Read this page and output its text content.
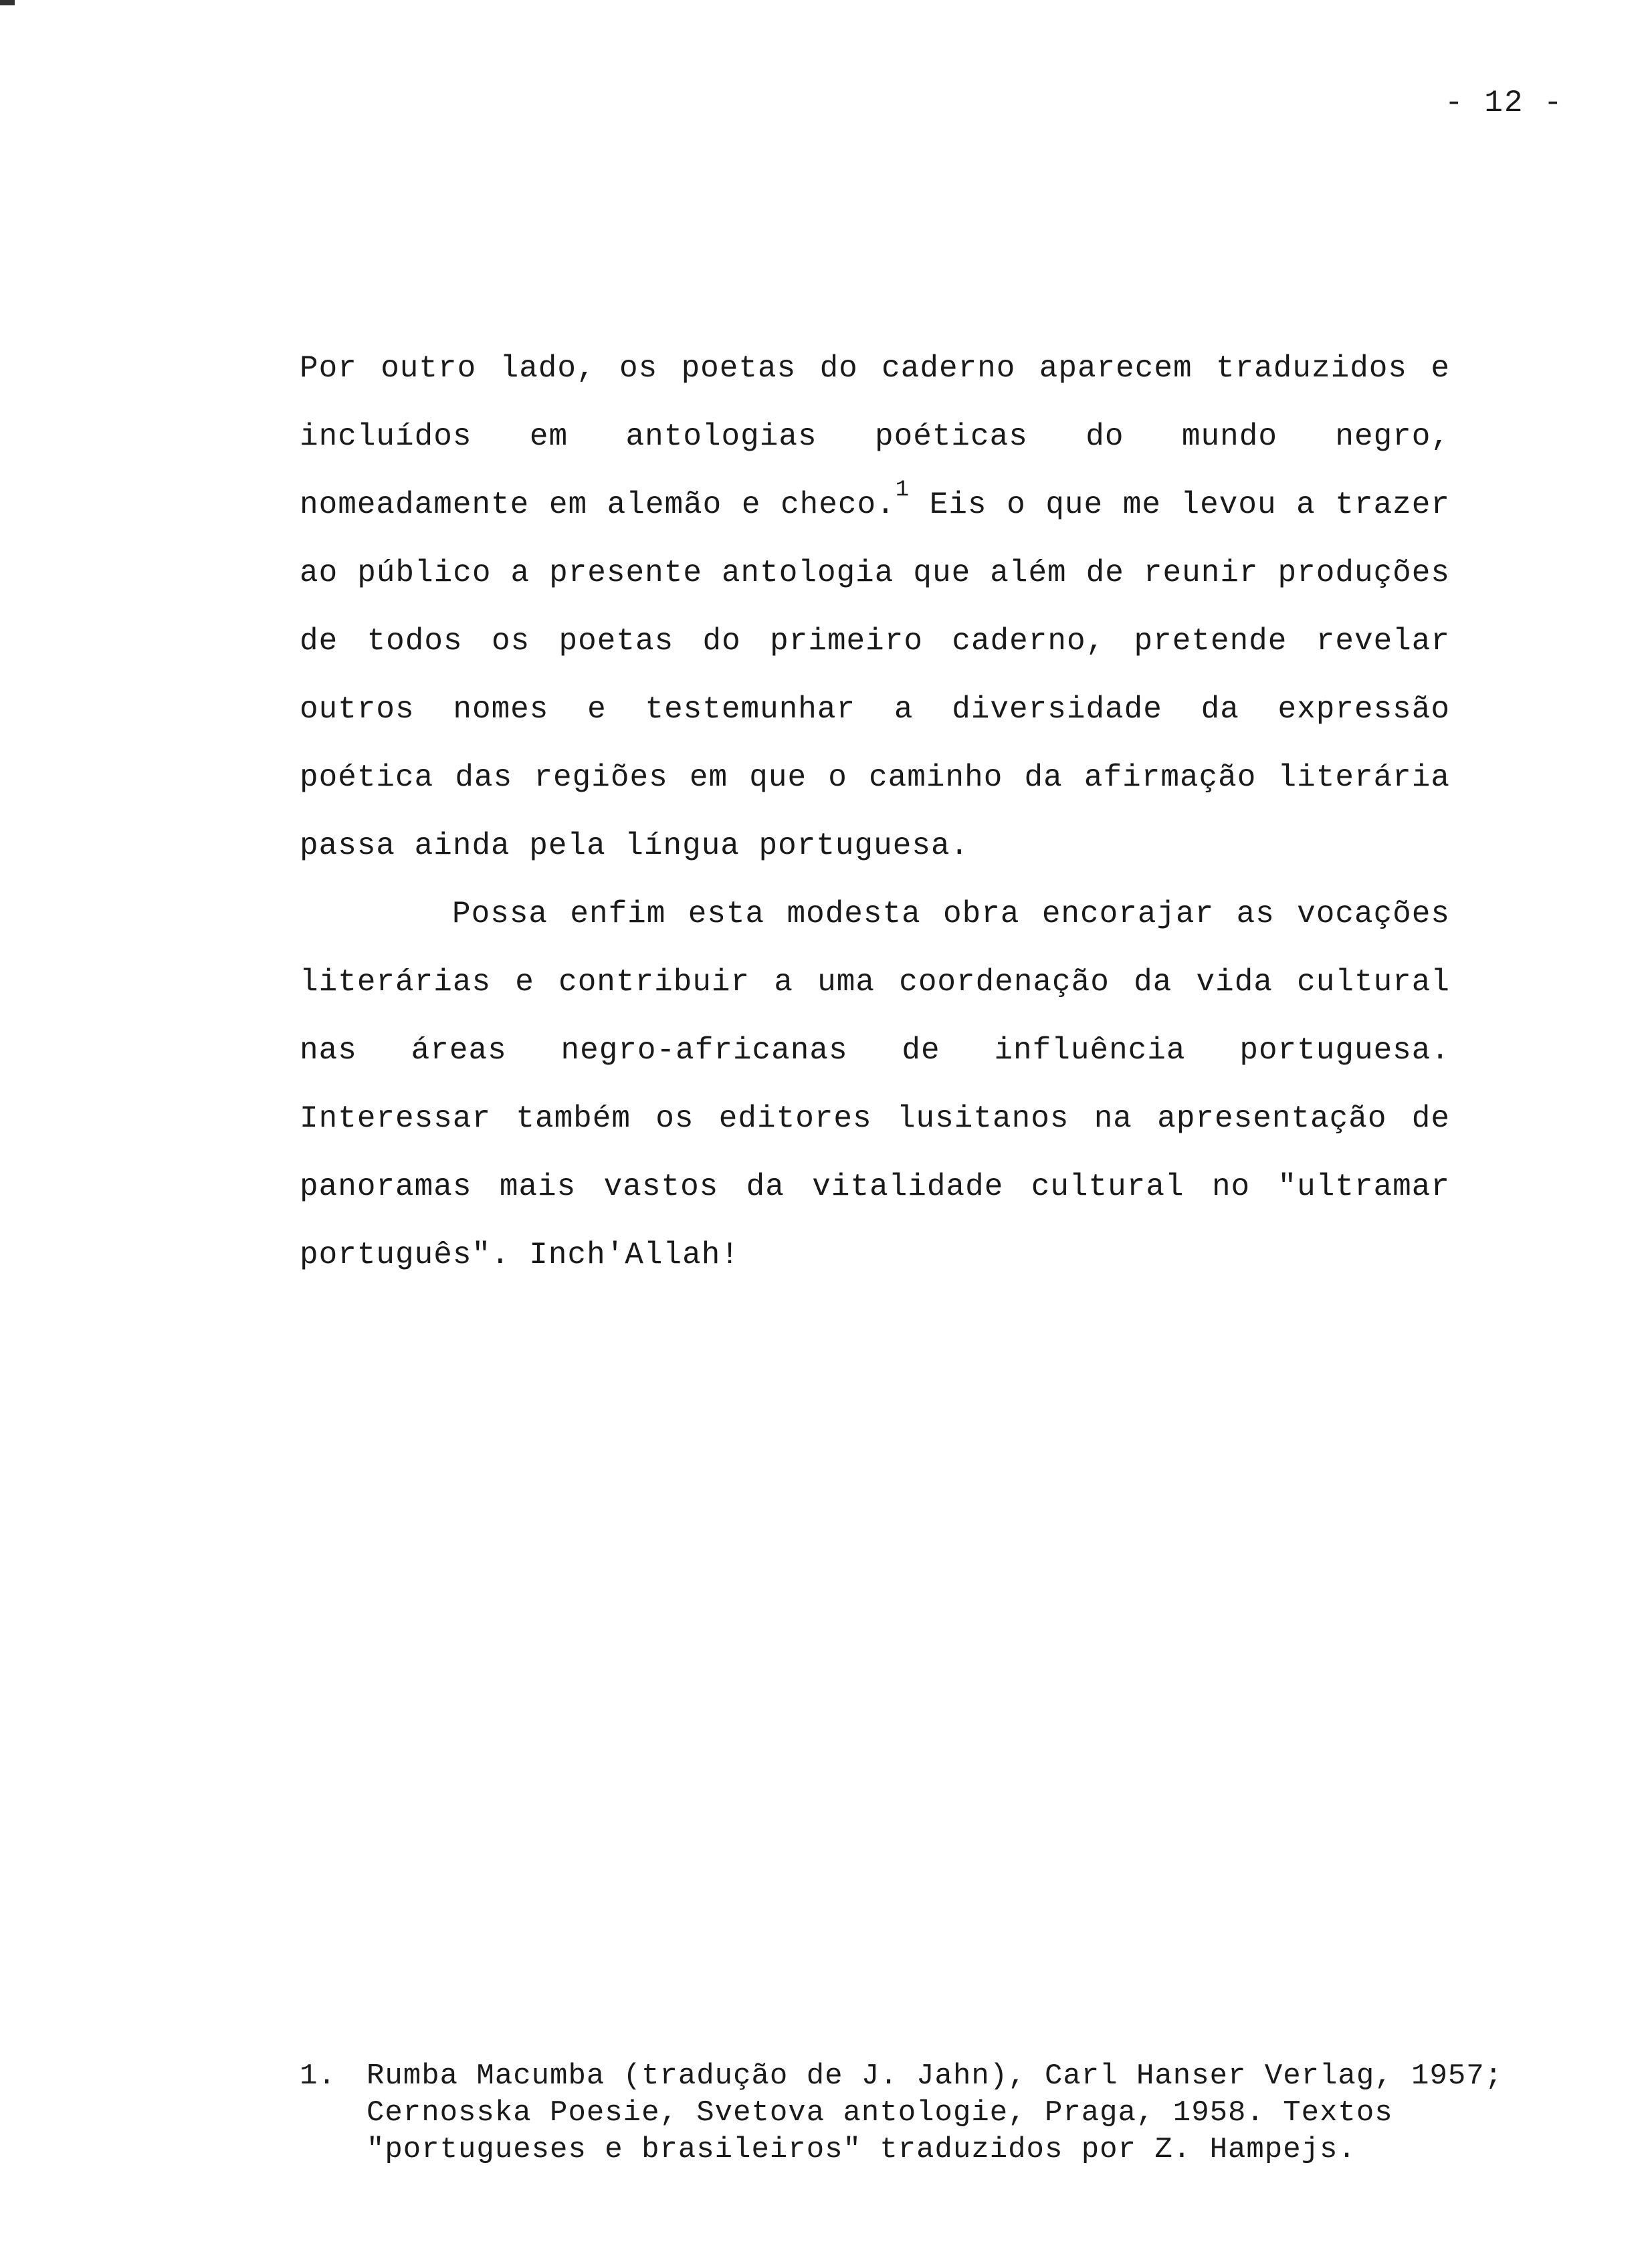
- 12 -

Por outro lado, os poetas do caderno aparecem traduzidos e incluídos em antologias poéticas do mundo negro, nomeadamente em alemão e checo.$^1$ Eis o que me levou a trazer ao público a presente antologia que além de reunir produções de todos os poetas do primeiro caderno, pretende revelar outros nomes e testemunhar a diversidade da expressão poética das regiões em que o caminho da afirmação literária passa ainda pela língua portuguesa.

Possa enfim esta modesta obra encorajar as vocações literárias e contribuir a uma coordenação da vida cultural nas áreas negro-africanas de influência portuguesa. Interessar também os editores lusitanos na apresentação de panoramas mais vastos da vitalidade cultural no "ultramar português". Inch'Allah!

1.	Rumba Macumba (tradução de J. Jahn), Carl Hanser Verlag, 1957; Cernosska Poesie, Svetova antologie, Praga, 1958. Textos "portugueses e brasileiros" traduzidos por Z. Hampejs.
